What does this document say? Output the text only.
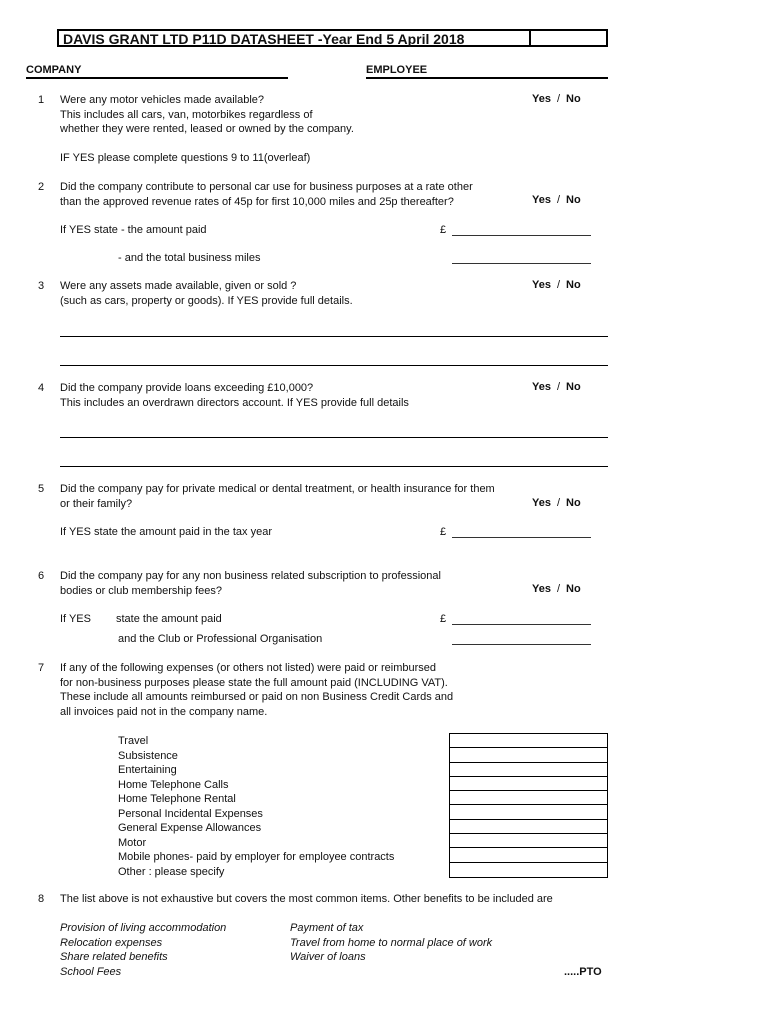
DAVIS GRANT LTD P11D DATASHEET -Year End 5 April 2018
COMPANY	EMPLOYEE
1 Were any motor vehicles made available?
This includes all cars, van, motorbikes regardless of
whether they were rented, leased or owned by the company.
Yes / No
IF YES please complete questions 9 to 11(overleaf)
2 Did the company contribute to personal car use for business purposes at a rate other
than the approved revenue rates of 45p for first 10,000 miles and 25p thereafter?	Yes / No
If YES state - the amount paid	£
- and the total business miles
3 Were any assets made available, given or sold ?
(such as cars, property or goods). If YES provide full details.
Yes / No
4 Did the company provide loans exceeding £10,000?
This includes an overdrawn directors account. If YES provide full details
Yes / No
5 Did the company pay for private medical or dental treatment, or health insurance for them
or their family?	Yes / No
If YES state the amount paid in the tax year	£
6 Did the company pay for any non business related subscription to professional
bodies or club membership fees?	Yes / No
If YES state the amount paid	£
and the Club or Professional Organisation
7 If any of the following expenses (or others not listed) were paid or reimbursed
for non-business purposes please state the full amount paid (INCLUDING VAT).
These include all amounts reimbursed or paid on non Business Credit Cards and
all invoices paid not in the company name.
Travel
Subsistence
Entertaining
Home Telephone Calls
Home Telephone Rental
Personal Incidental Expenses
General Expense Allowances
Motor
Mobile phones- paid by employer for employee contracts
Other : please specify
8 The list above is not exhaustive but covers the most common items. Other benefits to be included are
Provision of living accommodation
Relocation expenses
Share related benefits
School Fees
Payment of tax
Travel from home to normal place of work
Waiver of loans
.....PTO
